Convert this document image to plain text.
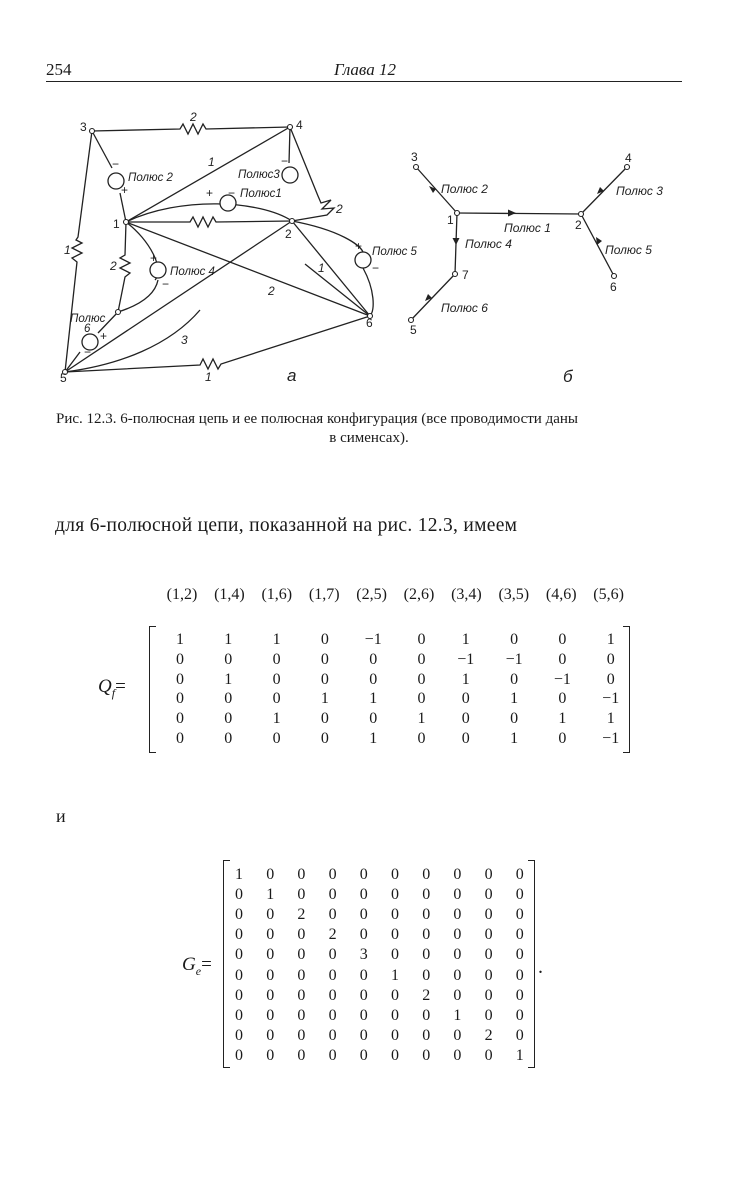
254	Глава 12
3	4
1
2
5
6
2
1
2
1
2	1
2
3
1
Полюс 2	Полюс3
Полюс1
Полюс 4
Полюс 5
Полюс
6
−
+
−
+ −
+
−
+
−
+
−
а
3
1	2
4
6
7
5
Полюс 2
Полюс 1
Полюс 3
Полюс 4	Полюс 5
Полюс 6
б
Рис. 12.3. 6-полюсная цепь и ее полюсная конфигурация (все проводимости даны
в сименсах).
для 6-полюсной цепи, показанной на рис. 12.3, имеем
$Q_f=$
(1,2)	(1,4)	(1,6)	(1,7)	(2,5)	(2,6)	(3,4)	(3,5)	(4,6)	(5,6)
1	1	1	0	−1	0	1	0	0	1
0	0	0	0	0	0	−1	−1	0	0
0	1	0	0	0	0	1	0	−1	0
0	0	0	1	1	0	0	1	0	−1
0	0	1	0	0	1	0	0	1	1
0	0	0	0	1	0	0	1	0	−1
и
$G_e=$
1	0	0	0	0	0	0	0	0	0
0	1	0	0	0	0	0	0	0	0
0	0	2	0	0	0	0	0	0	0
0	0	0	2	0	0	0	0	0	0
0	0	0	0	3	0	0	0	0	0
0	0	0	0	0	1	0	0	0	0
0	0	0	0	0	0	2	0	0	0
0	0	0	0	0	0	0	1	0	0
0	0	0	0	0	0	0	0	2	0
0	0	0	0	0	0	0	0	0	1
.
